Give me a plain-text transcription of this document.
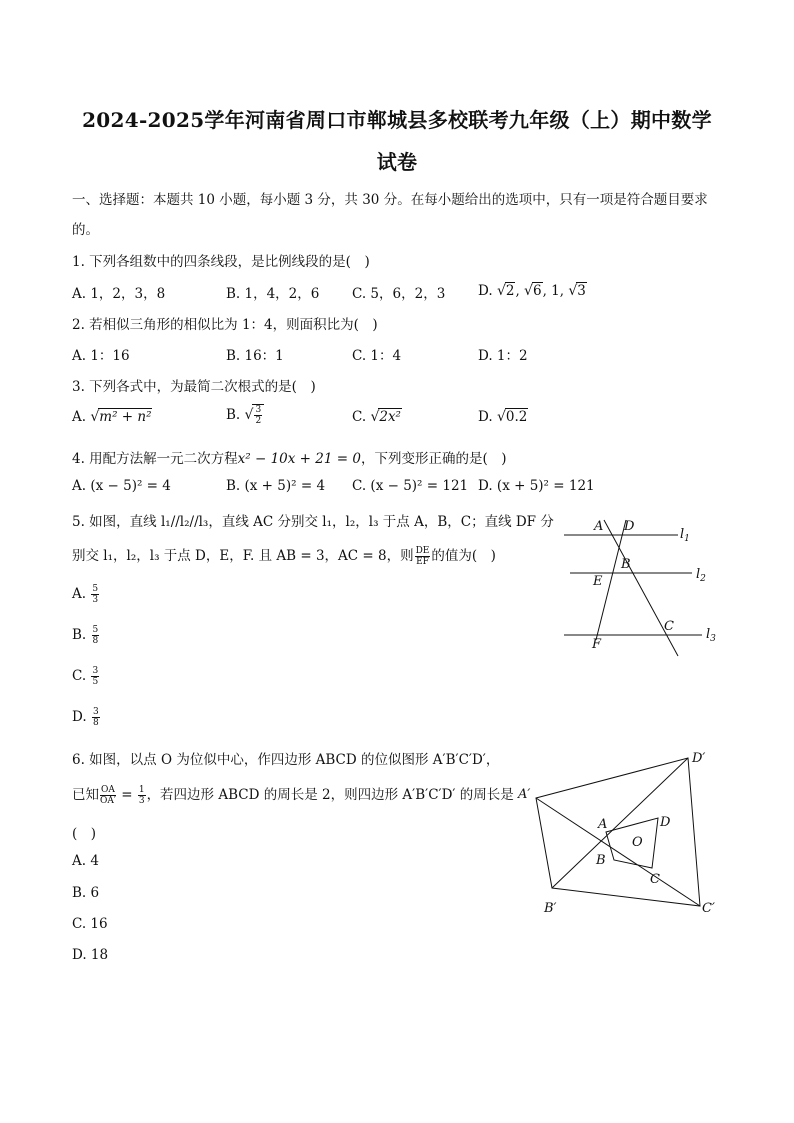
2024-2025学年河南省周口市郸城县多校联考九年级（上）期中数学
试卷
一、选择题：本题共 10 小题，每小题 3 分，共 30 分。在每小题给出的选项中，只有一项是符合题目要求
的。
1. 下列各组数中的四条线段，是比例线段的是(　)
A. 1，2，3，8	B. 1，4，2，6 C. 5，6，2，3 D. √2, √6, 1, √3
2. 若相似三角形的相似比为 1：4，则面积比为(　)
A. 1：16	B. 16：1	C. 1：4	D. 1：2
3. 下列各式中，为最简二次根式的是(　)
A. √m² + n²	B. √ $\frac{3}{2}$	C. √2x²	D. √0.2
4. 用配方法解一元二次方程x² − 10x + 21 = 0，下列变形正确的是(　)
A. (x − 5)² = 4	B. (x + 5)² = 4 C. (x − 5)² = 121 D. (x + 5)² = 121
5. 如图，直线 l₁//l₂//l₃，直线 AC 分别交 l₁，l₂，l₃ 于点 A，B，C；直线 DF 分
别交 l₁，l₂，l₃ 于点 D，E，F. 且 AB = 3，AC = 8，则 $\frac{DE}{EF}$ 的值为(　)
A. $\frac{5}{3}$
B. $\frac{5}{8}$
C. $\frac{3}{5}$
D. $\frac{3}{8}$
A D
B
E
C
F
$l_1$
$l_2$
$l_3$
6. 如图，以点 O 为位似中心，作四边形 ABCD 的位似图形 A′B′C′D′，
已知 $\frac{OA}{OA'} = \frac{1}{3}$ ，若四边形 ABCD 的周长是 2，则四边形 A′B′C′D′ 的周长是
(　)
A. 4
B. 6
C. 16
D. 18
A′
D′
C′
B′
A	D
C
B
O
